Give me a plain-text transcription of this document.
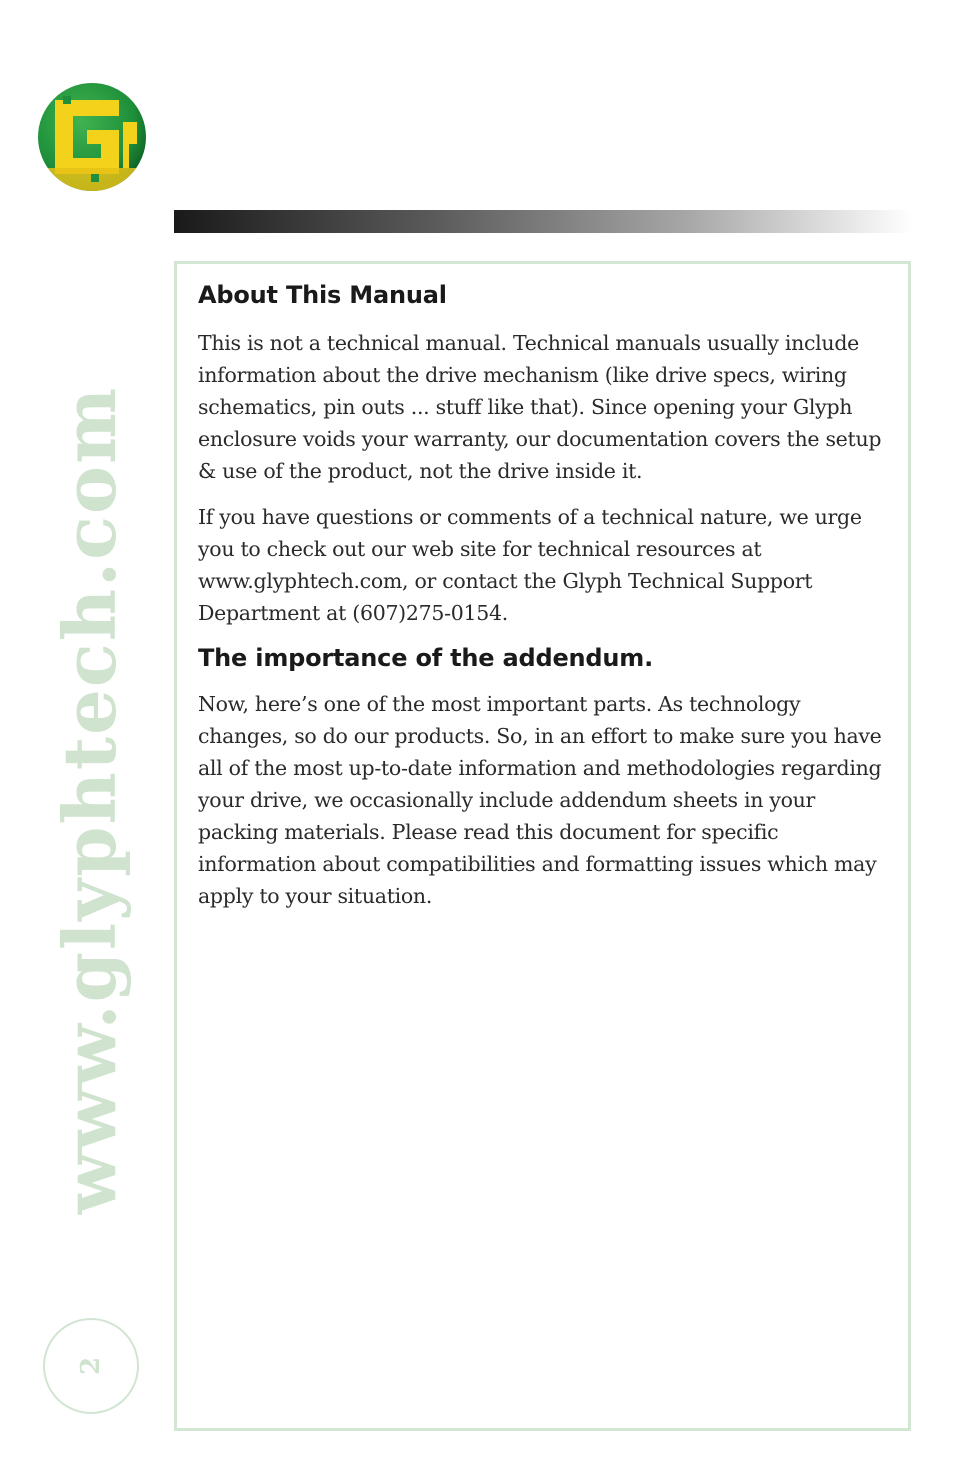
www.glyphtech.com
2
About This Manual

This is not a technical manual. Technical manuals usually include information about the drive mechanism (like drive specs, wiring schematics, pin outs ... stuff like that). Since opening your Glyph enclosure voids your warranty, our documentation covers the setup & use of the product, not the drive inside it.

If you have questions or comments of a technical nature, we urge you to check out our web site for technical resources at www.glyphtech.com, or contact the Glyph Technical Support Department at (607)275-0154.

The importance of the addendum.

Now, here’s one of the most important parts. As technology changes, so do our products. So, in an effort to make sure you have all of the most up-to-date information and methodologies regarding your drive, we occasionally include addendum sheets in your packing materials. Please read this document for specific information about compatibilities and formatting issues which may apply to your situation.
